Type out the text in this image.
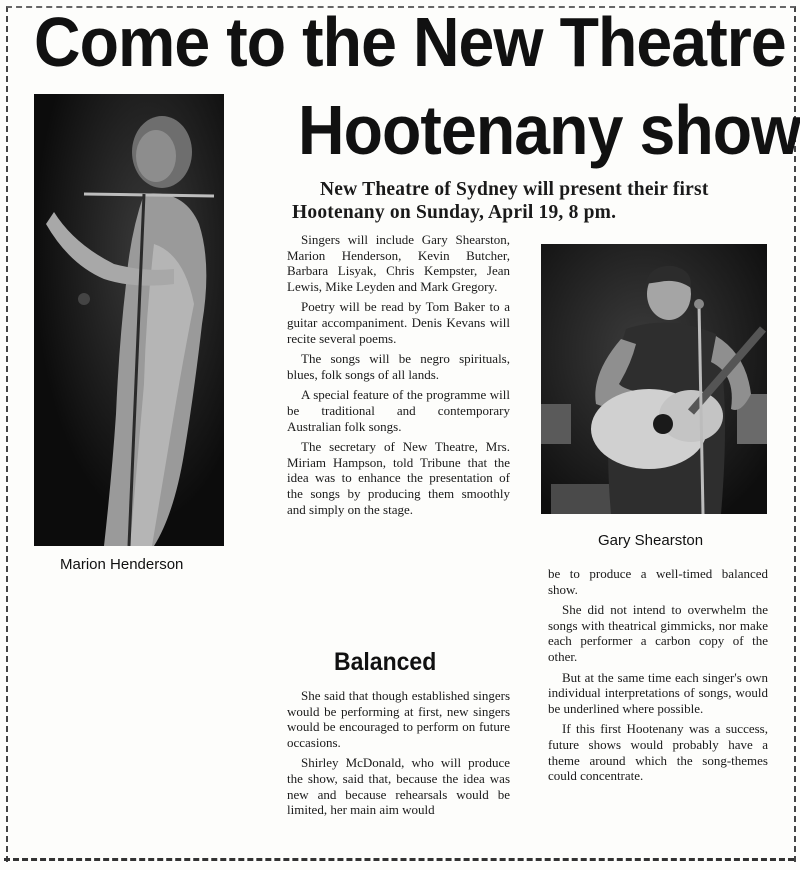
Come to the New Theatre
Hootenany show
New Theatre of Sydney will present their first
Hootenany on Sunday, April 19, 8 pm.
Marion Henderson
Gary Shearston

Singers will include Gary Shearston, Marion Henderson, Kevin Butcher, Barbara Lisyak, Chris Kempster, Jean Lewis, Mike Leyden and Mark Gregory.

Poetry will be read by Tom Baker to a guitar accompaniment. Denis Kevans will recite several poems.

The songs will be negro spirituals, blues, folk songs of all lands.

A special feature of the programme will be traditional and contemporary Australian folk songs.

The secretary of New Theatre, Mrs. Miriam Hampson, told Tribune that the idea was to enhance the presentation of the songs by producing them smoothly and simply on the stage.

Balanced

She said that though established singers would be performing at first, new singers would be encouraged to perform on future occasions.

Shirley McDonald, who will produce the show, said that, because the idea was new and because rehearsals would be limited, her main aim would

be to produce a well-timed balanced show.

She did not intend to overwhelm the songs with theatrical gimmicks, nor make each performer a carbon copy of the other.

But at the same time each singer's own individual interpretations of songs, would be underlined where possible.

If this first Hootenany was a success, future shows would probably have a theme around which the song-themes could concentrate.
